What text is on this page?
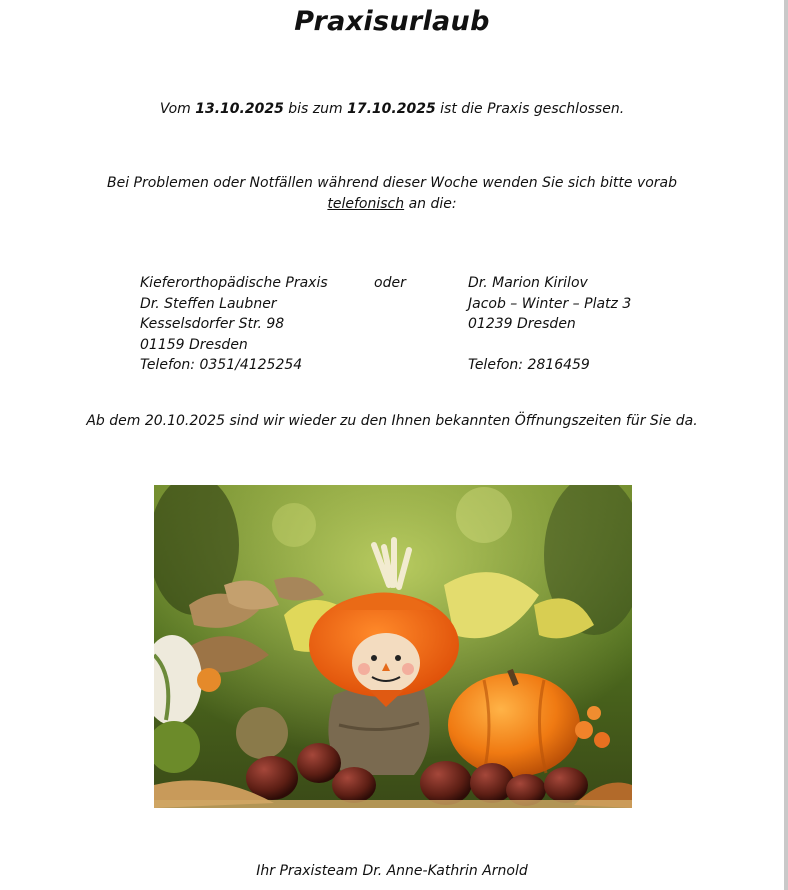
Praxisurlaub
Vom 13.10.2025 bis zum 17.10.2025 ist die Praxis geschlossen.
Bei Problemen oder Notfällen während dieser Woche wenden Sie sich bitte vorab
telefonisch an die:
Kieferorthopädische Praxis
Dr. Steffen Laubner
Kesselsdorfer Str. 98
01159 Dresden
Telefon: 0351/4125254
oder	Dr. Marion Kirilov
Jacob – Winter – Platz 3
01239 Dresden
Telefon: 2816459
Ab dem 20.10.2025 sind wir wieder zu den Ihnen bekannten Öffnungszeiten für Sie da.
Ihr Praxisteam Dr. Anne-Kathrin Arnold
